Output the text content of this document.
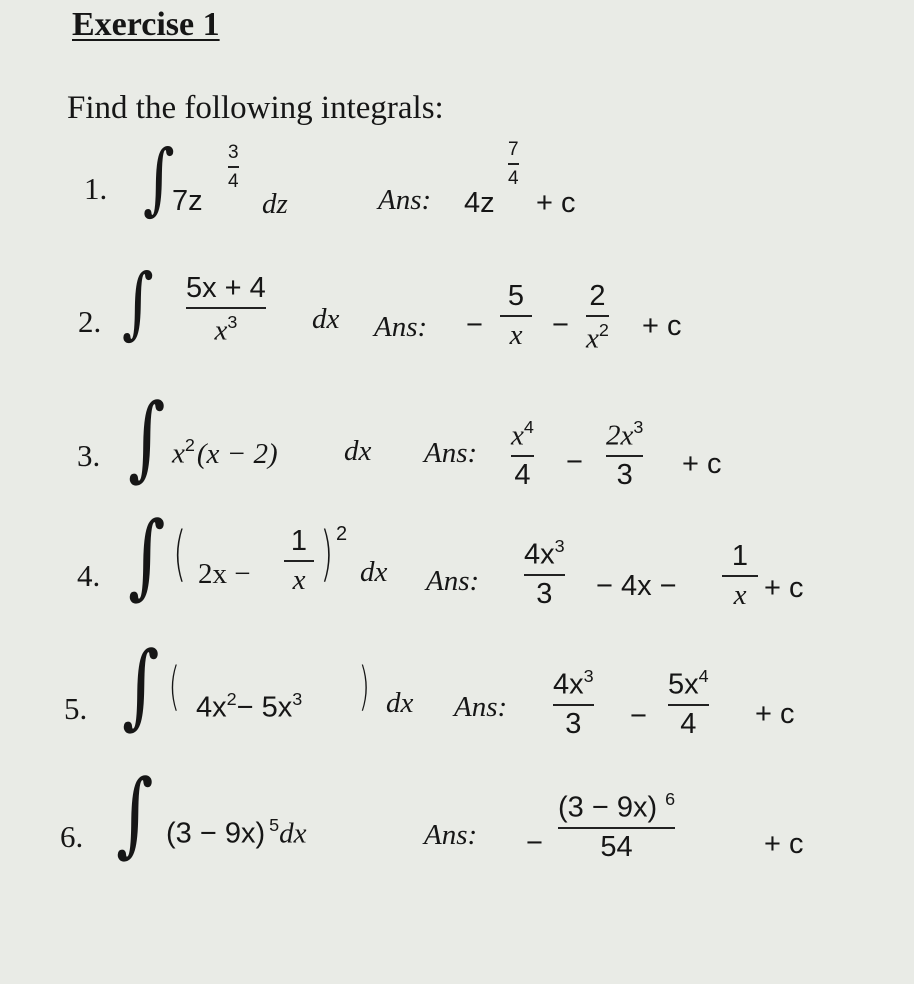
Exercise 1
Find the following integrals:
1. ∫
7z
3
4
dz	Ans: 4z
7
4
+ c
2. ∫ 5x + 4
$x^3$	dx Ans: −
5
x −
2
$x^2 + c$
3. ∫ $x^2(x - 2)$ dx Ans:
$x^4$
4 −
$2x^3$
3 + c
4. ∫ ( 2x −
1
x ) 2
dx Ans:
$4x^3$
3 − 4x −
1
x + c
5. ∫ ( $4x^2- 5x^3$ ) dx Ans:
$4x^3$
3 −
$5x^4$
4 + c
6. ∫ (3 − 9x) $^5$dx	Ans: −
(3 − 9x) $^6$
54	+ c
